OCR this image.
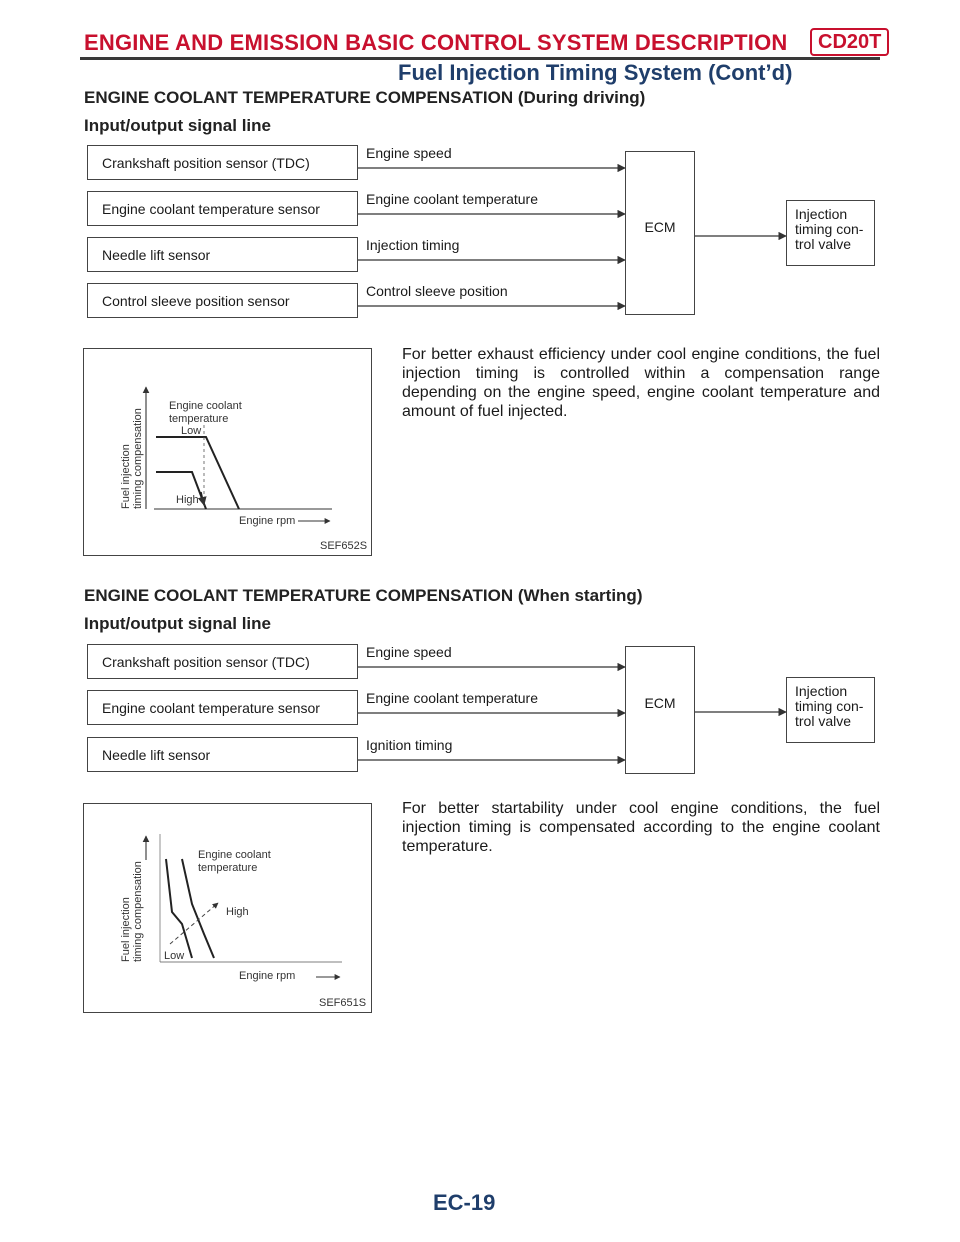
ENGINE AND EMISSION BASIC CONTROL SYSTEM DESCRIPTION	CD20T
Fuel Injection Timing System (Cont’d)
ENGINE COOLANT TEMPERATURE COMPENSATION (During driving)
Input/output signal line
Crankshaft position sensor (TDC)
Engine coolant temperature sensor
Needle lift sensor
Control sleeve position sensor
Engine speed
Engine coolant temperature
Injection timing
Control sleeve position
ECM
Injection
timing con-
trol valve
Fuel injection timing compensation
Engine coolant
temperature
Low
High
Engine rpm
SEF652S
For better exhaust efficiency under cool engine conditions, the fuel injection timing is controlled within a compensation range depending on the engine speed, engine coolant temperature and amount of fuel injected.
ENGINE COOLANT TEMPERATURE COMPENSATION (When starting)
Input/output signal line
Crankshaft position sensor (TDC)
Engine coolant temperature sensor
Needle lift sensor
Engine speed
Engine coolant temperature
Ignition timing
ECM
Injection
timing con-
trol valve
Fuel injection timing compensation
Engine coolant
temperature
High
Low
Engine rpm
SEF651S
For better startability under cool engine conditions, the fuel injection timing is compensated according to the engine coolant temperature.
EC-19
